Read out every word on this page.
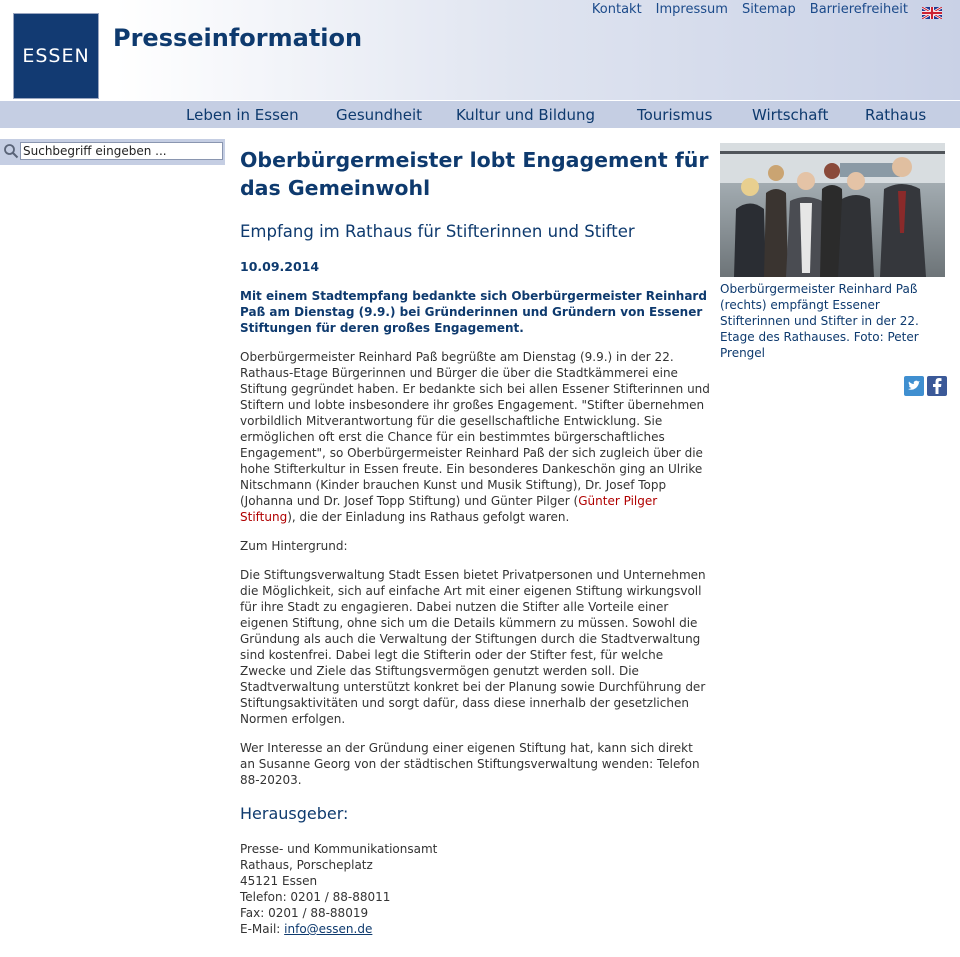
ESSEN
Presseinformation
Kontakt Impressum Sitemap Barrierefreiheit
Leben in Essen Gesundheit Kultur und Bildung	Tourismus	Wirtschaft Rathaus
Suchbegriff eingeben ...
Oberbürgermeister lobt Engagement für das Gemeinwohl
Empfang im Rathaus für Stifterinnen und Stifter
10.09.2014
Mit einem Stadtempfang bedankte sich Oberbürgermeister Reinhard Paß am Dienstag (9.9.) bei Gründerinnen und Gründern von Essener Stiftungen für deren großes Engagement.
Oberbürgermeister Reinhard Paß begrüßte am Dienstag (9.9.) in der 22. Rathaus-Etage Bürgerinnen und Bürger die über die Stadtkämmerei eine Stiftung gegründet haben. Er bedankte sich bei allen Essener Stifterinnen und Stiftern und lobte insbesondere ihr großes Engagement. "Stifter übernehmen vorbildlich Mitverantwortung für die gesellschaftliche Entwicklung. Sie ermöglichen oft erst die Chance für ein bestimmtes bürgerschaftliches Engagement", so Oberbürgermeister Reinhard Paß der sich zugleich über die hohe Stifterkultur in Essen freute. Ein besonderes Dankeschön ging an Ulrike Nitschmann (Kinder brauchen Kunst und Musik Stiftung), Dr. Josef Topp (Johanna und Dr. Josef Topp Stiftung) und Günter Pilger (Günter Pilger Stiftung), die der Einladung ins Rathaus gefolgt waren.
Zum Hintergrund:
Die Stiftungsverwaltung Stadt Essen bietet Privatpersonen und Unternehmen die Möglichkeit, sich auf einfache Art mit einer eigenen Stiftung wirkungsvoll für ihre Stadt zu engagieren. Dabei nutzen die Stifter alle Vorteile einer eigenen Stiftung, ohne sich um die Details kümmern zu müssen. Sowohl die Gründung als auch die Verwaltung der Stiftungen durch die Stadtverwaltung sind kostenfrei. Dabei legt die Stifterin oder der Stifter fest, für welche Zwecke und Ziele das Stiftungsvermögen genutzt werden soll. Die Stadtverwaltung unterstützt konkret bei der Planung sowie Durchführung der Stiftungsaktivitäten und sorgt dafür, dass diese innerhalb der gesetzlichen Normen erfolgen.
Wer Interesse an der Gründung einer eigenen Stiftung hat, kann sich direkt an Susanne Georg von der städtischen Stiftungsverwaltung wenden: Telefon 88-20203.
Herausgeber:
Presse- und Kommunikationsamt
Rathaus, Porscheplatz
45121 Essen
Telefon: 0201 / 88-88011
Fax: 0201 / 88-88019
E-Mail: info@essen.de
Oberbürgermeister Reinhard Paß (rechts) empfängt Essener Stifterinnen und Stifter in der 22. Etage des Rathauses. Foto: Peter Prengel
